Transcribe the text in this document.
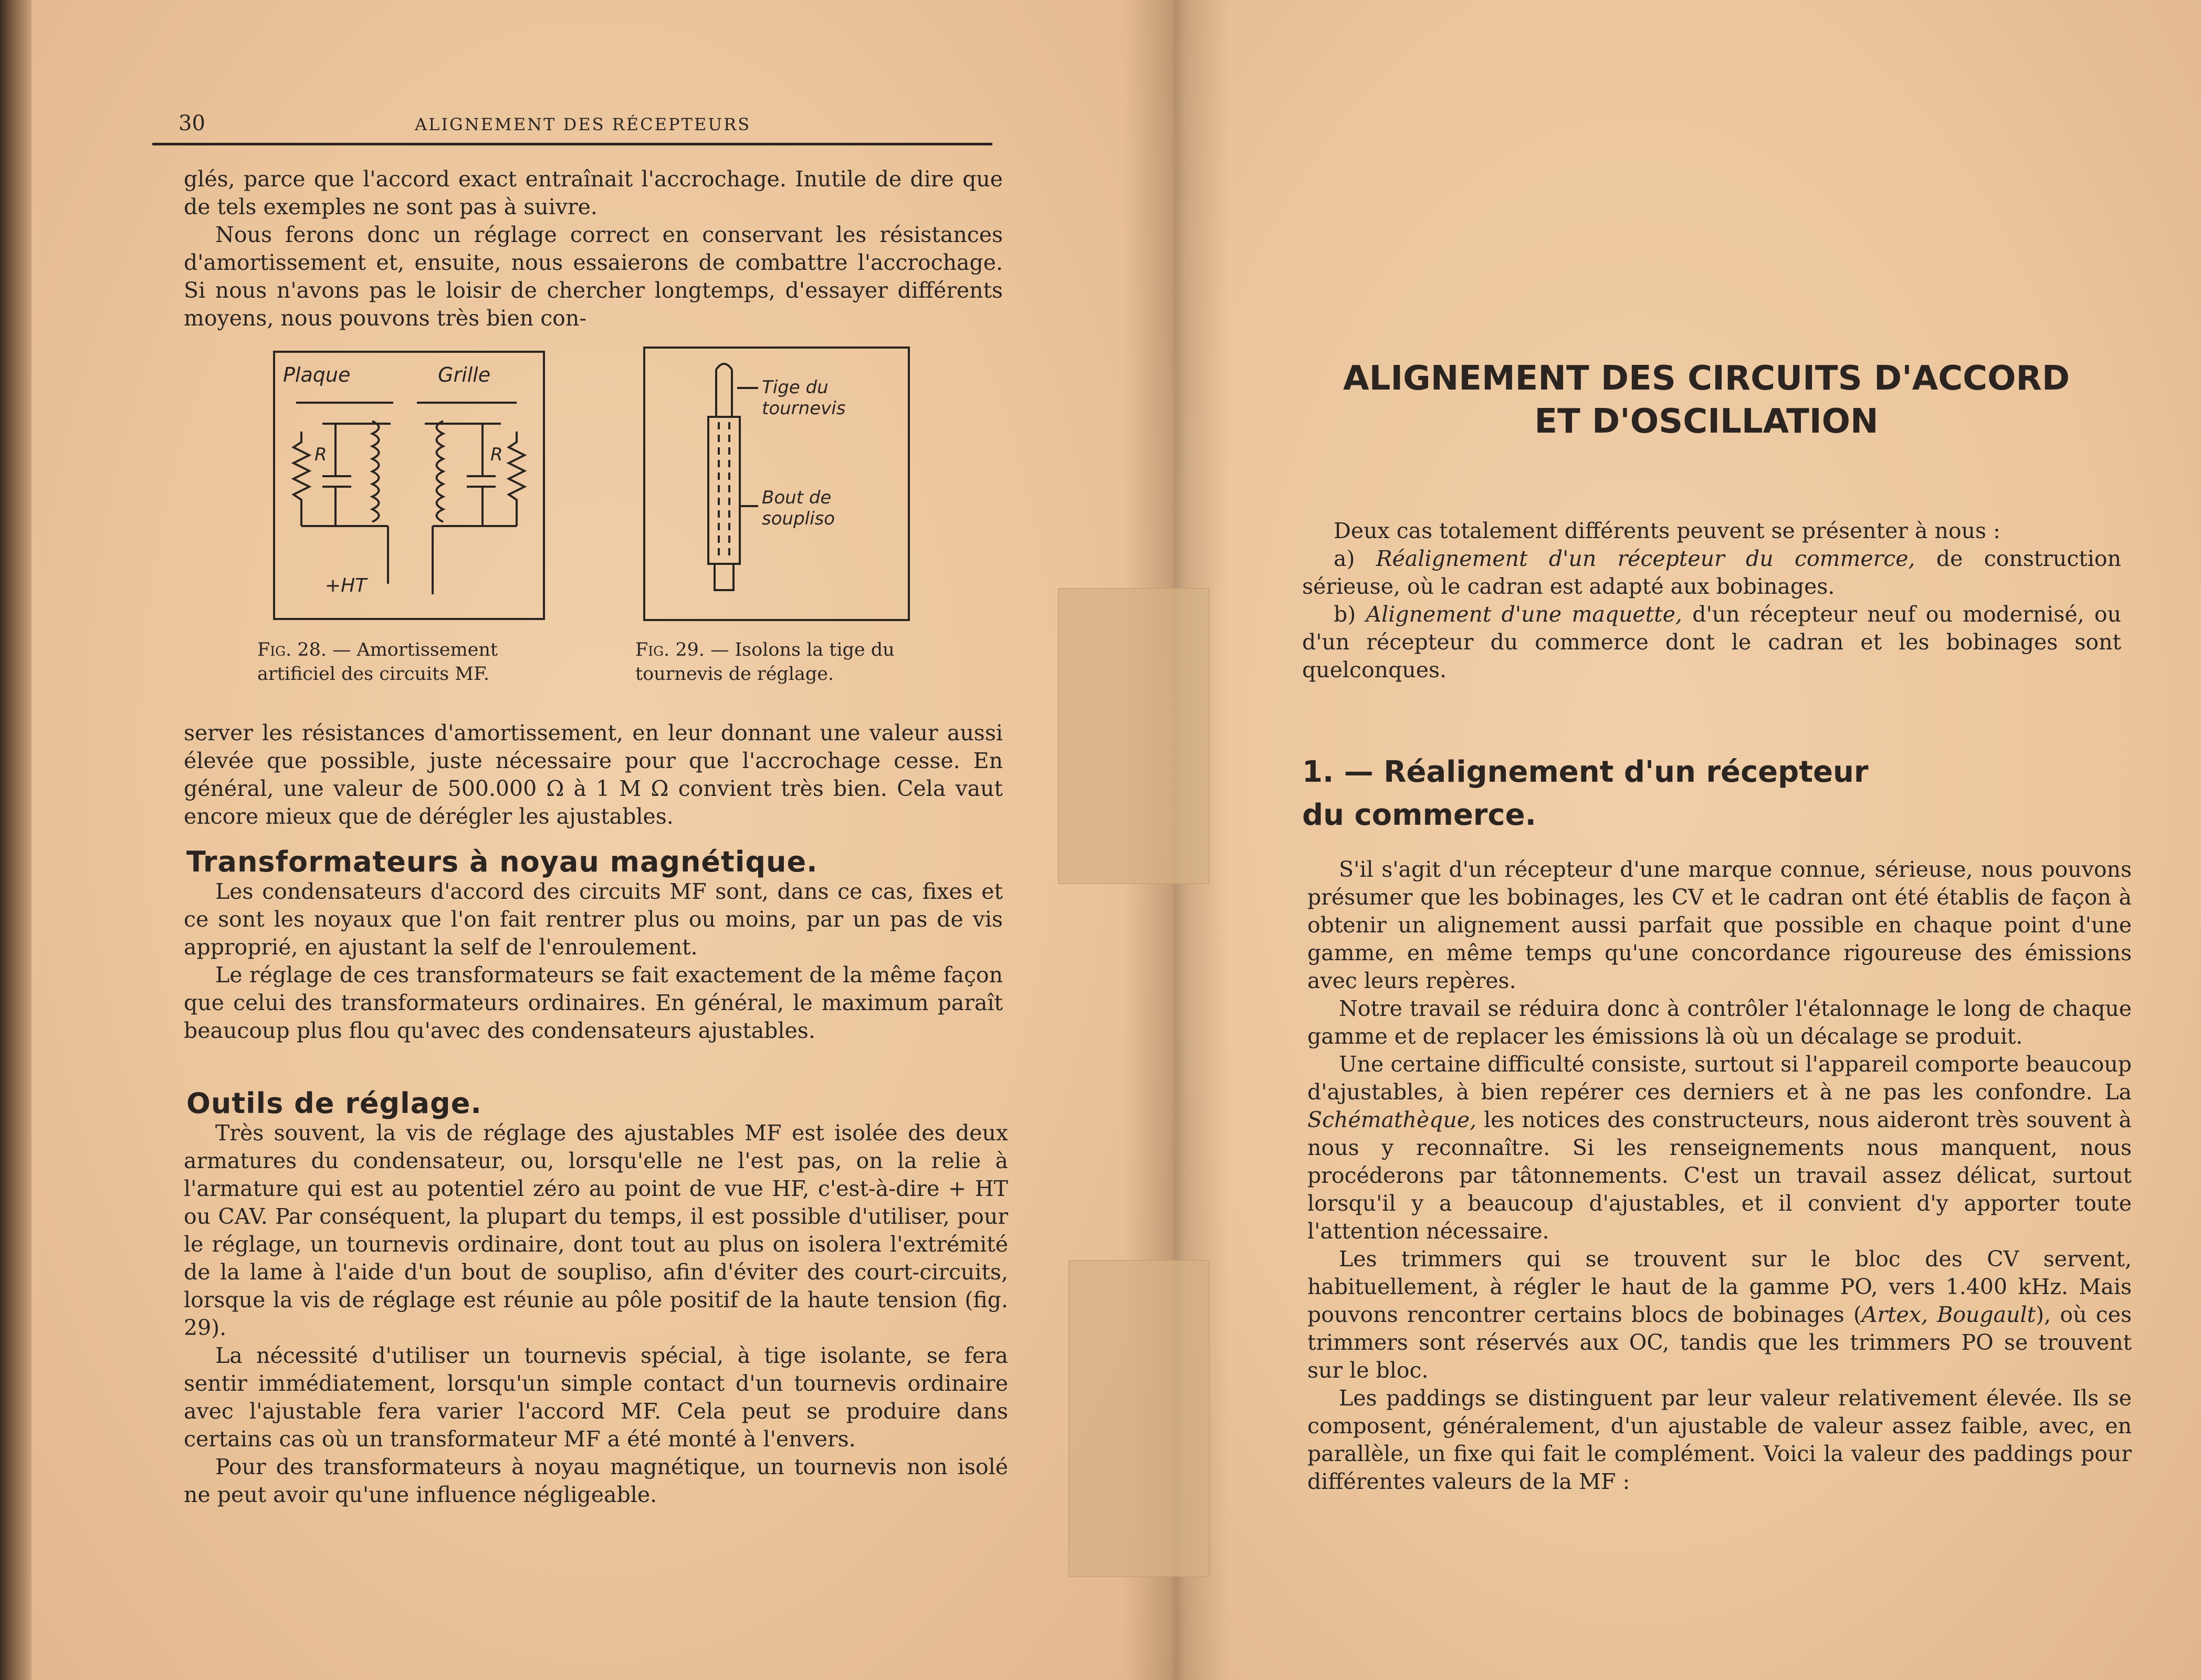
30	ALIGNEMENT DES RÉCEPTEURS

glés, parce que l'accord exact entraînait l'accrochage. Inutile de dire que de tels exemples ne sont pas à suivre.

Nous ferons donc un réglage correct en conservant les résistances d'amortissement et, ensuite, nous essaierons de combattre l'accrochage. Si nous n'avons pas le loisir de chercher longtemps, d'essayer différents moyens, nous pouvons très bien con-

Plaque	Grille
R	R
+HT
Tige du tournevis
Bout de soupliso
Fig. 28. — Amortissement artificiel des circuits MF.
Fig. 29. — Isolons la tige du tournevis de réglage.

server les résistances d'amortissement, en leur donnant une valeur aussi élevée que possible, juste nécessaire pour que l'accrochage cesse. En général, une valeur de 500.000 Ω à 1 M Ω convient très bien. Cela vaut encore mieux que de dérégler les ajustables.

Transformateurs à noyau magnétique.

Les condensateurs d'accord des circuits MF sont, dans ce cas, fixes et ce sont les noyaux que l'on fait rentrer plus ou moins, par un pas de vis approprié, en ajustant la self de l'enroulement.

Le réglage de ces transformateurs se fait exactement de la même façon que celui des transformateurs ordinaires. En général, le maximum paraît beaucoup plus flou qu'avec des condensateurs ajustables.

Outils de réglage.

Très souvent, la vis de réglage des ajustables MF est isolée des deux armatures du condensateur, ou, lorsqu'elle ne l'est pas, on la relie à l'armature qui est au potentiel zéro au point de vue HF, c'est-à-dire + HT ou CAV. Par conséquent, la plupart du temps, il est possible d'utiliser, pour le réglage, un tournevis ordinaire, dont tout au plus on isolera l'extrémité de la lame à l'aide d'un bout de soupliso, afin d'éviter des court-circuits, lorsque la vis de réglage est réunie au pôle positif de la haute tension (fig. 29).

La nécessité d'utiliser un tournevis spécial, à tige isolante, se fera sentir immédiatement, lorsqu'un simple contact d'un tournevis ordinaire avec l'ajustable fera varier l'accord MF. Cela peut se produire dans certains cas où un transformateur MF a été monté à l'envers.

Pour des transformateurs à noyau magnétique, un tournevis non isolé ne peut avoir qu'une influence négligeable.

ALIGNEMENT DES CIRCUITS D'ACCORD
ET D'OSCILLATION

Deux cas totalement différents peuvent se présenter à nous :

a) Réalignement d'un récepteur du commerce, de construction sérieuse, où le cadran est adapté aux bobinages.

b) Alignement d'une maquette, d'un récepteur neuf ou modernisé, ou d'un récepteur du commerce dont le cadran et les bobinages sont quelconques.

1. — Réalignement d'un récepteur
du commerce.

S'il s'agit d'un récepteur d'une marque connue, sérieuse, nous pouvons présumer que les bobinages, les CV et le cadran ont été établis de façon à obtenir un alignement aussi parfait que possible en chaque point d'une gamme, en même temps qu'une concordance rigoureuse des émissions avec leurs repères.

Notre travail se réduira donc à contrôler l'étalonnage le long de chaque gamme et de replacer les émissions là où un décalage se produit.

Une certaine difficulté consiste, surtout si l'appareil comporte beaucoup d'ajustables, à bien repérer ces derniers et à ne pas les confondre. La Schémathèque, les notices des constructeurs, nous aideront très souvent à nous y reconnaître. Si les renseignements nous manquent, nous procéderons par tâtonnements. C'est un travail assez délicat, surtout lorsqu'il y a beaucoup d'ajustables, et il convient d'y apporter toute l'attention nécessaire.

Les trimmers qui se trouvent sur le bloc des CV servent, habituellement, à régler le haut de la gamme PO, vers 1.400 kHz. Mais pouvons rencontrer certains blocs de bobinages (Artex, Bougault), où ces trimmers sont réservés aux OC, tandis que les trimmers PO se trouvent sur le bloc.

Les paddings se distinguent par leur valeur relativement élevée. Ils se composent, généralement, d'un ajustable de valeur assez faible, avec, en parallèle, un fixe qui fait le complément. Voici la valeur des paddings pour différentes valeurs de la MF :
